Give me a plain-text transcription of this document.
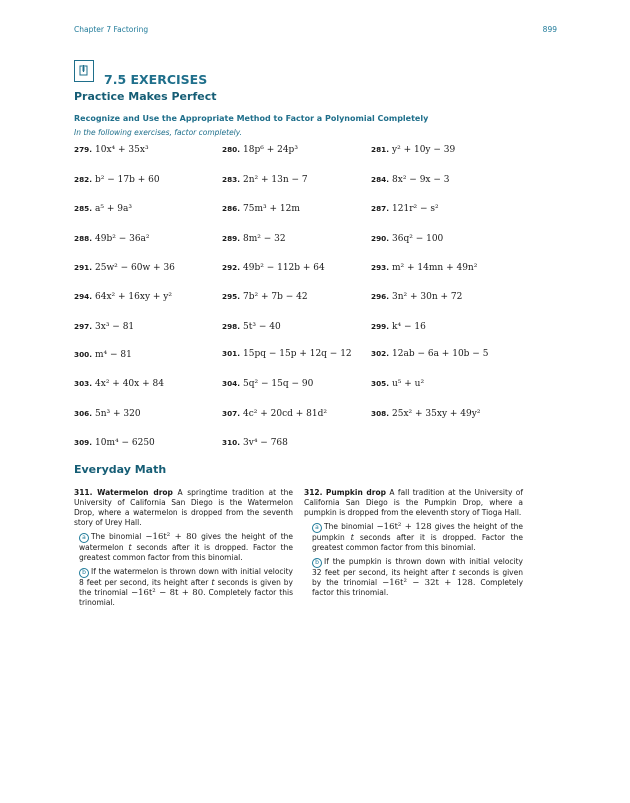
Chapter 7 Factoring	899
7.5 EXERCISES
Practice Makes Perfect
Recognize and Use the Appropriate Method to Factor a Polynomial Completely
In the following exercises, factor completely.
279. 10x⁴ + 35x³	280. 18p⁶ + 24p³	281. y² + 10y − 39
282. b² − 17b + 60	283. 2n² + 13n − 7	284. 8x² − 9x − 3
285. a⁵ + 9a³	286. 75m³ + 12m	287. 121r² − s²
288. 49b² − 36a²	289. 8m² − 32	290. 36q² − 100
291. 25w² − 60w + 36	292. 49b² − 112b + 64	293. m² + 14mn + 49n²
294. 64x² + 16xy + y²	295. 7b² + 7b − 42	296. 3n² + 30n + 72
297. 3x³ − 81	298. 5t³ − 40	299. k⁴ − 16
300. m⁴ − 81	301. 15pq − 15p + 12q − 12	302. 12ab − 6a + 10b − 5
303. 4x² + 40x + 84	304. 5q² − 15q − 90	305. u⁵ + u²
306. 5n³ + 320	307. 4c² + 20cd + 81d²	308. 25x² + 35xy + 49y²
309. 10m⁴ − 6250	310. 3v⁴ − 768
Everyday Math
311. Watermelon drop A springtime tradition at the University of California San Diego is the Watermelon Drop, where a watermelon is dropped from the seventh story of Urey Hall.
a The binomial −16t² + 80 gives the height of the watermelon t seconds after it is dropped. Factor the greatest common factor from this binomial.
b If the watermelon is thrown down with initial velocity 8 feet per second, its height after t seconds is given by the trinomial −16t² − 8t + 80. Completely factor this trinomial.
312. Pumpkin drop A fall tradition at the University of California San Diego is the Pumpkin Drop, where a pumpkin is dropped from the eleventh story of Tioga Hall.
a The binomial −16t² + 128 gives the height of the pumpkin t seconds after it is dropped. Factor the greatest common factor from this binomial.
b If the pumpkin is thrown down with initial velocity 32 feet per second, its height after t seconds is given by the trinomial −16t² − 32t + 128. Completely factor this trinomial.
